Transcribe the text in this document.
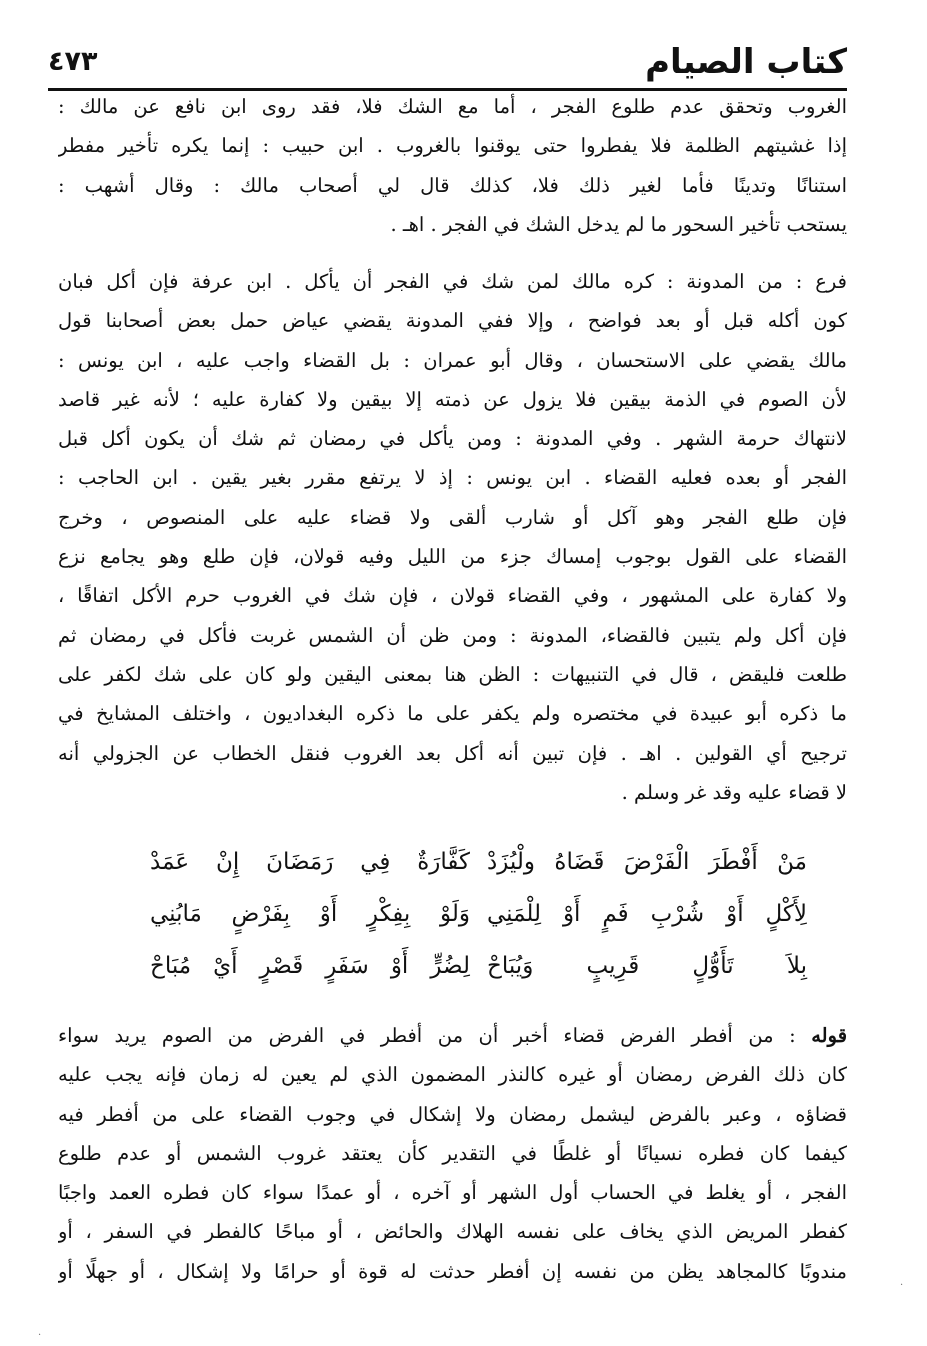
كتاب الصيام
٤٧٣
الغروب وتحقق عدم طلوع الفجر ، أما مع الشك فلا، فقد روى ابن نافع عن مالك :
إذا غشيتهم الظلمة فلا يفطروا حتى يوقنوا بالغروب . ابن حبيب : إنما يكره تأخير مفطر
استنانًا وتدينًا فأما لغير ذلك فلا، كذلك قال لي أصحاب مالك : وقال أشهب :
يستحب تأخير السحور ما لم يدخل الشك في الفجر . اهـ .
فرع : من المدونة : كره مالك لمن شك في الفجر أن يأكل . ابن عرفة فإن أكل فبان
كون أكله قبل أو بعد فواضح ، وإلا ففي المدونة يقضي عياض حمل بعض أصحابنا قول
مالك يقضي على الاستحسان ، وقال أبو عمران : بل القضاء واجب عليه ، ابن يونس :
لأن الصوم في الذمة بيقين فلا يزول عن ذمته إلا بيقين ولا كفارة عليه ؛ لأنه غير قاصد
لانتهاك حرمة الشهر . وفي المدونة : ومن يأكل في رمضان ثم شك أن يكون أكل قبل
الفجر أو بعده فعليه القضاء . ابن يونس : إذ لا يرتفع مقرر بغير يقين . ابن الحاجب :
فإن طلع الفجر وهو آكل أو شارب ألقى ولا قضاء عليه على المنصوص ، وخرج
القضاء على القول بوجوب إمساك جزء من الليل وفيه قولان، فإن طلع وهو يجامع نزع
ولا كفارة على المشهور ، وفي القضاء قولان ، فإن شك في الغروب حرم الأكل اتفاقًا ،
فإن أكل ولم يتبين فالقضاء، المدونة : ومن ظن أن الشمس غربت فأكل في رمضان ثم
طلعت فليقض ، قال في التنبيهات : الظن هنا بمعنى اليقين ولو كان على شك لكفر على
ما ذكره أبو عبيدة في مختصره ولم يكفر على ما ذكره البغداديون ، واختلف المشايخ في
ترجيح أي القولين . اهـ . فإن تبين أنه أكل بعد الغروب فنقل الخطاب عن الجزولي أنه
لا قضاء عليه وقد غر وسلم .
مَنْ أَفْطَرَ الْفَرْضَ قَضَاهُ ولْيُزَدْ
كَفَّارَةٌ فِي رَمَضَانَ إِنْ عَمَدْ
لِأَكْلٍ أَوْ شُرْبِ فَمٍ أَوْ لِلْمَنِي
وَلَوْ بِفِكْرٍ أَوْ بِفَرْضٍ مَابُنِي
بِلاَ تَأَوُّلٍ قَرِيبٍ وَيُبَاحْ
لِضُرٍّ أَوْ سَفَرٍ قَصْرٍ أَيْ مُبَاحْ
قوله : من أفطر الفرض قضاء أخبر أن من أفطر في الفرض من الصوم يريد سواء
كان ذلك الفرض رمضان أو غيره كالنذر المضمون الذي لم يعين له زمان فإنه يجب عليه
قضاؤه ، وعبر بالفرض ليشمل رمضان ولا إشكال في وجوب القضاء على من أفطر فيه
كيفما كان فطره نسيانًا أو غلطًا في التقدير كأن يعتقد غروب الشمس أو عدم طلوع
الفجر ، أو يغلط في الحساب أول الشهر أو آخره ، أو عمدًا سواء كان فطره العمد واجبًا
كفطر المريض الذي يخاف على نفسه الهلاك والحائض ، أو مباحًا كالفطر في السفر ، أو
مندوبًا كالمجاهد يظن من نفسه إن أفطر حدثت له قوة أو حرامًا ولا إشكال ، أو جهلًا أو
·
·
